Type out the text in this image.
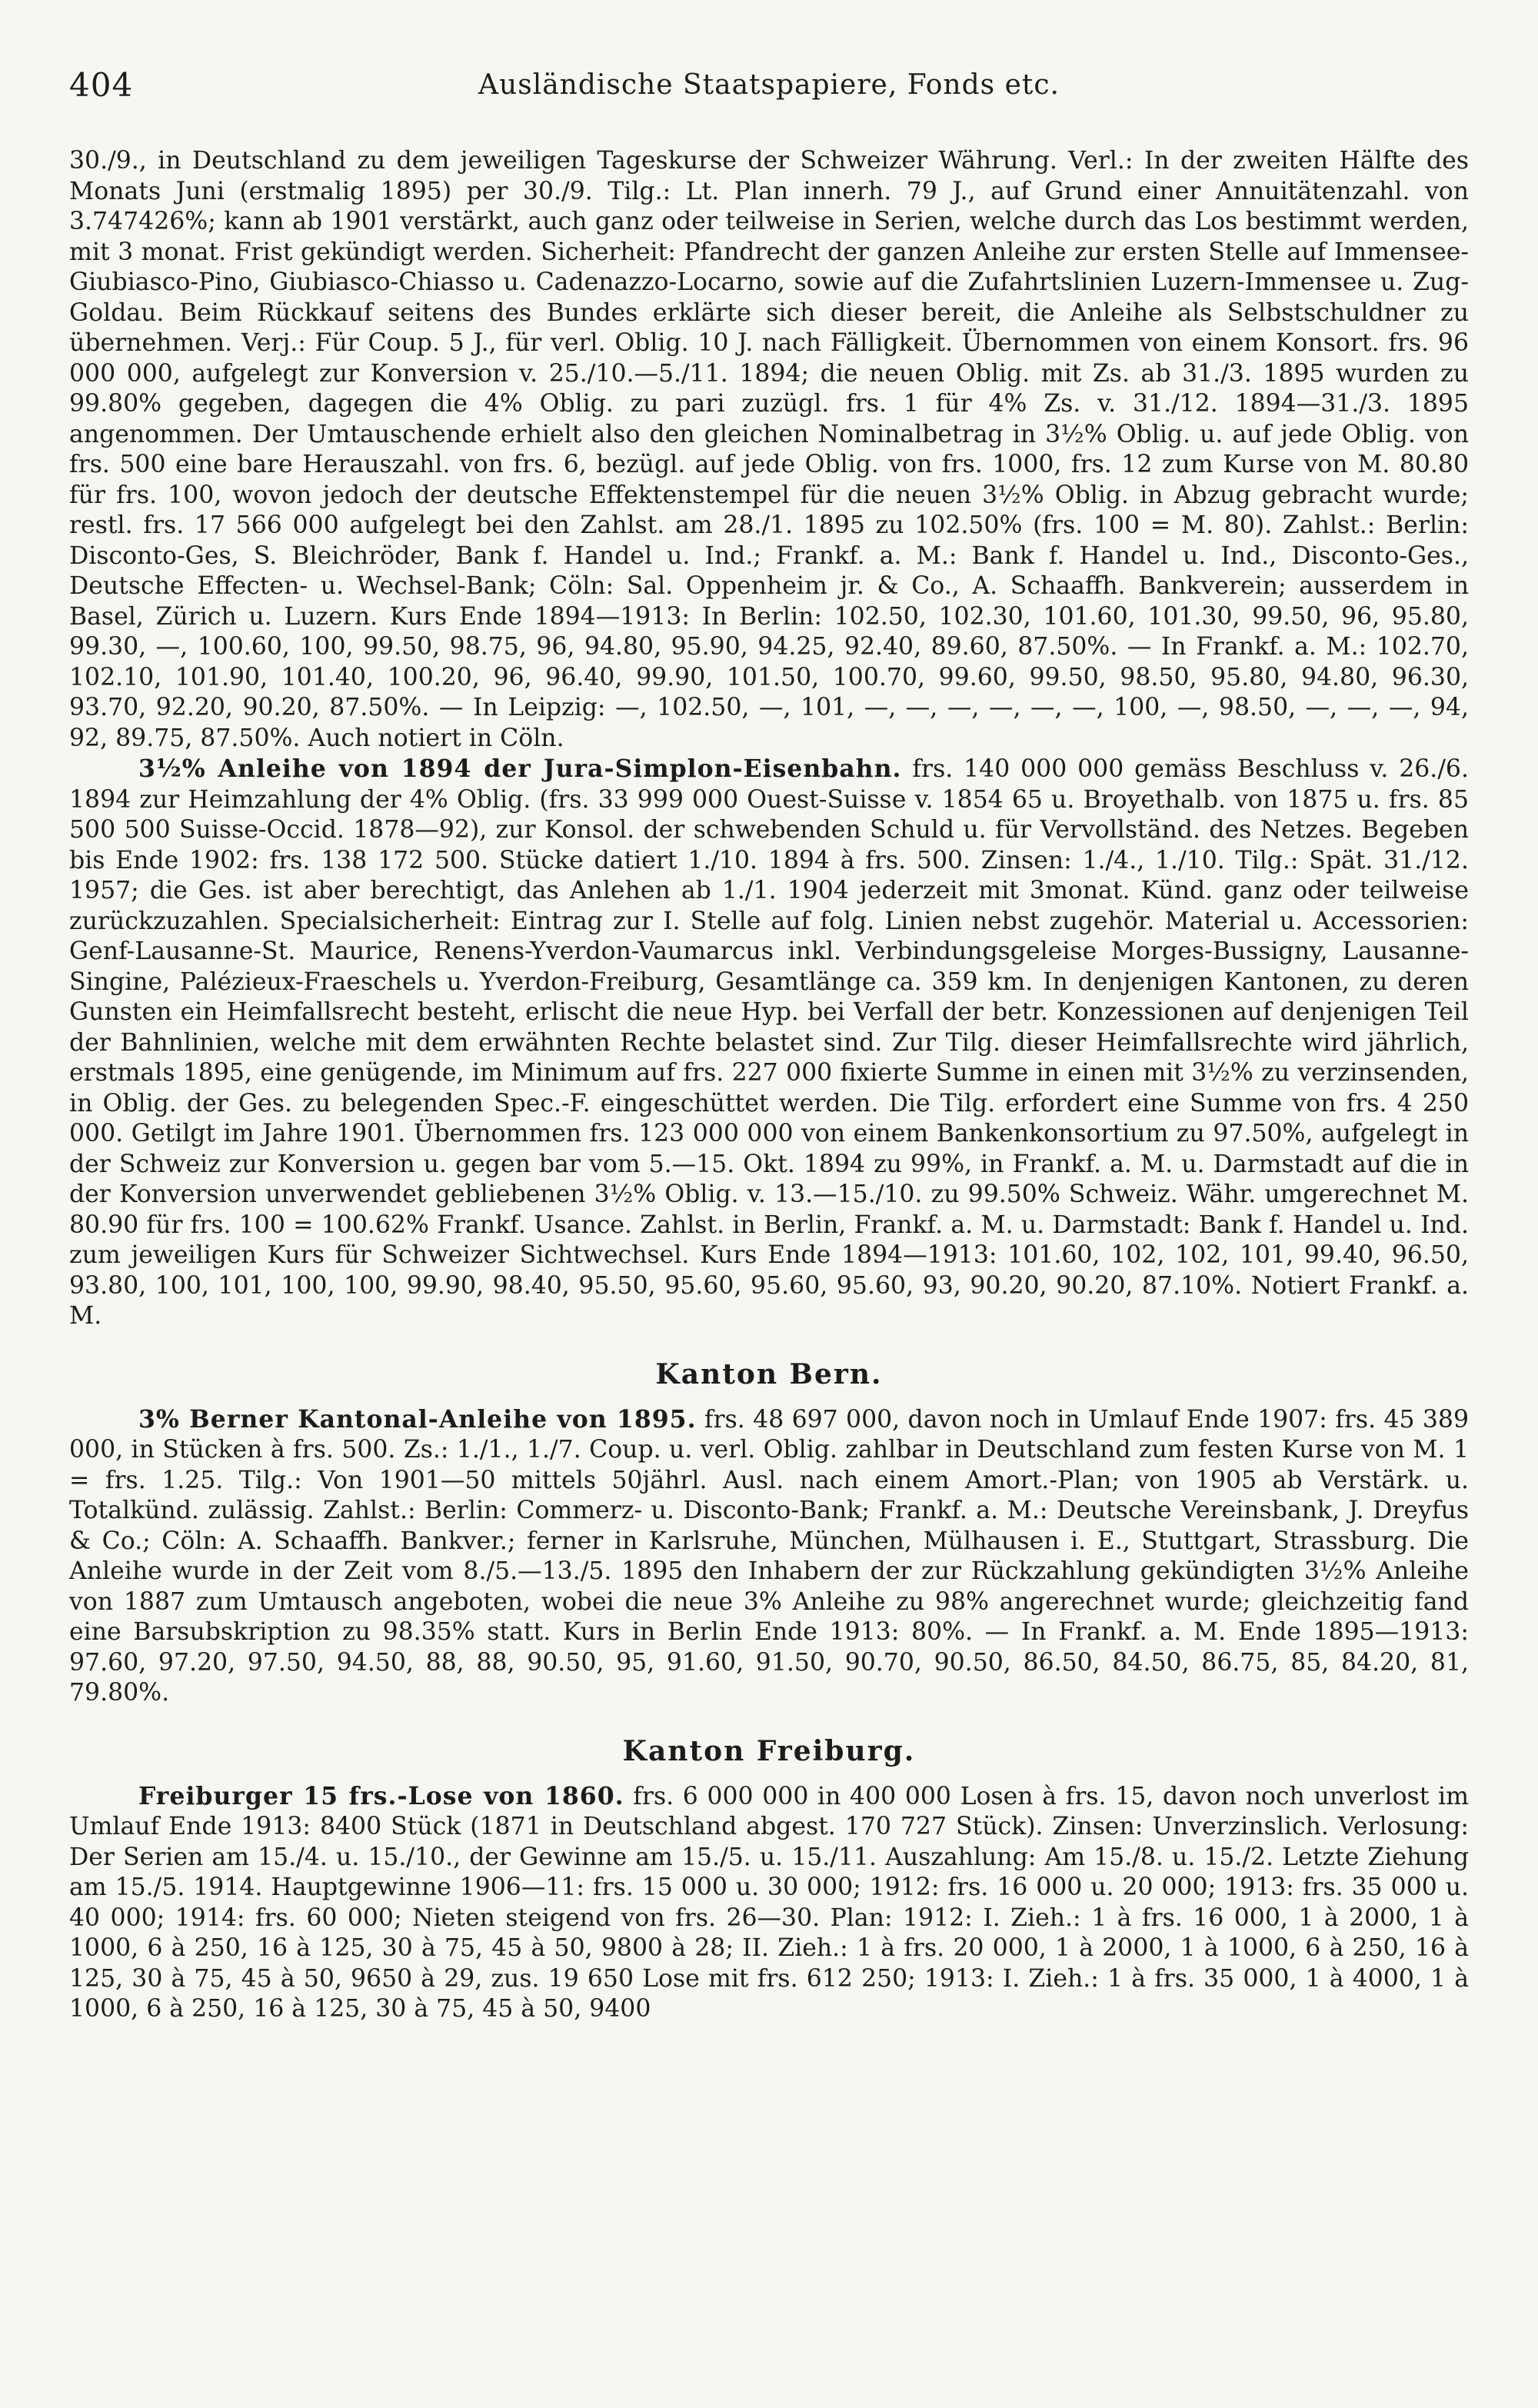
404	Ausländische Staatspapiere, Fonds etc.

30./9., in Deutschland zu dem jeweiligen Tageskurse der Schweizer Währung. Verl.: In der zweiten Hälfte des Monats Juni (erstmalig 1895) per 30./9. Tilg.: Lt. Plan innerh. 79 J., auf Grund einer Annuitätenzahl. von 3.747426%; kann ab 1901 verstärkt, auch ganz oder teilweise in Serien, welche durch das Los bestimmt werden, mit 3 monat. Frist gekündigt werden. Sicherheit: Pfandrecht der ganzen Anleihe zur ersten Stelle auf Immensee-Giubiasco-Pino, Giubiasco-Chiasso u. Cadenazzo-Locarno, sowie auf die Zufahrtslinien Luzern-Immensee u. Zug-Goldau. Beim Rückkauf seitens des Bundes erklärte sich dieser bereit, die Anleihe als Selbstschuldner zu übernehmen. Verj.: Für Coup. 5 J., für verl. Oblig. 10 J. nach Fälligkeit. Übernommen von einem Konsort. frs. 96 000 000, aufgelegt zur Konversion v. 25./10.—5./11. 1894; die neuen Oblig. mit Zs. ab 31./3. 1895 wurden zu 99.80% gegeben, dagegen die 4% Oblig. zu pari zuzügl. frs. 1 für 4% Zs. v. 31./12. 1894—31./3. 1895 angenommen. Der Umtauschende erhielt also den gleichen Nominalbetrag in 3½% Oblig. u. auf jede Oblig. von frs. 500 eine bare Herauszahl. von frs. 6, bezügl. auf jede Oblig. von frs. 1000, frs. 12 zum Kurse von M. 80.80 für frs. 100, wovon jedoch der deutsche Effektenstempel für die neuen 3½% Oblig. in Abzug gebracht wurde; restl. frs. 17 566 000 aufgelegt bei den Zahlst. am 28./1. 1895 zu 102.50% (frs. 100 = M. 80). Zahlst.: Berlin: Disconto-Ges, S. Bleichröder, Bank f. Handel u. Ind.; Frankf. a. M.: Bank f. Handel u. Ind., Disconto-Ges., Deutsche Effecten- u. Wechsel-Bank; Cöln: Sal. Oppenheim jr. & Co., A. Schaaffh. Bankverein; ausserdem in Basel, Zürich u. Luzern. Kurs Ende 1894—1913: In Berlin: 102.50, 102.30, 101.60, 101.30, 99.50, 96, 95.80, 99.30, —, 100.60, 100, 99.50, 98.75, 96, 94.80, 95.90, 94.25, 92.40, 89.60, 87.50%. — In Frankf. a. M.: 102.70, 102.10, 101.90, 101.40, 100.20, 96, 96.40, 99.90, 101.50, 100.70, 99.60, 99.50, 98.50, 95.80, 94.80, 96.30, 93.70, 92.20, 90.20, 87.50%. — In Leipzig: —, 102.50, —, 101, —, —, —, —, —, —, 100, —, 98.50, —, —, —, 94, 92, 89.75, 87.50%. Auch notiert in Cöln.

3½% Anleihe von 1894 der Jura-Simplon-Eisenbahn. frs. 140 000 000 gemäss Beschluss v. 26./6. 1894 zur Heimzahlung der 4% Oblig. (frs. 33 999 000 Ouest-Suisse v. 1854 65 u. Broyethalb. von 1875 u. frs. 85 500 500 Suisse-Occid. 1878—92), zur Konsol. der schwebenden Schuld u. für Vervollständ. des Netzes. Begeben bis Ende 1902: frs. 138 172 500. Stücke datiert 1./10. 1894 à frs. 500. Zinsen: 1./4., 1./10. Tilg.: Spät. 31./12. 1957; die Ges. ist aber berechtigt, das Anlehen ab 1./1. 1904 jederzeit mit 3monat. Künd. ganz oder teilweise zurückzuzahlen. Specialsicherheit: Eintrag zur I. Stelle auf folg. Linien nebst zugehör. Material u. Accessorien: Genf-Lausanne-St. Maurice, Renens-Yverdon-Vaumarcus inkl. Verbindungsgeleise Morges-Bussigny, Lausanne-Singine, Palézieux-Fraeschels u. Yverdon-Freiburg, Gesamtlänge ca. 359 km. In denjenigen Kantonen, zu deren Gunsten ein Heimfallsrecht besteht, erlischt die neue Hyp. bei Verfall der betr. Konzessionen auf denjenigen Teil der Bahnlinien, welche mit dem erwähnten Rechte belastet sind. Zur Tilg. dieser Heimfallsrechte wird jährlich, erstmals 1895, eine genügende, im Minimum auf frs. 227 000 fixierte Summe in einen mit 3½% zu verzinsenden, in Oblig. der Ges. zu belegenden Spec.-F. eingeschüttet werden. Die Tilg. erfordert eine Summe von frs. 4 250 000. Getilgt im Jahre 1901. Übernommen frs. 123 000 000 von einem Bankenkonsortium zu 97.50%, aufgelegt in der Schweiz zur Konversion u. gegen bar vom 5.—15. Okt. 1894 zu 99%, in Frankf. a. M. u. Darmstadt auf die in der Konversion unverwendet gebliebenen 3½% Oblig. v. 13.—15./10. zu 99.50% Schweiz. Währ. umgerechnet M. 80.90 für frs. 100 = 100.62% Frankf. Usance. Zahlst. in Berlin, Frankf. a. M. u. Darmstadt: Bank f. Handel u. Ind. zum jeweiligen Kurs für Schweizer Sichtwechsel. Kurs Ende 1894—1913: 101.60, 102, 102, 101, 99.40, 96.50, 93.80, 100, 101, 100, 100, 99.90, 98.40, 95.50, 95.60, 95.60, 95.60, 93, 90.20, 90.20, 87.10%. Notiert Frankf. a. M.

Kanton Bern.

3% Berner Kantonal-Anleihe von 1895. frs. 48 697 000, davon noch in Umlauf Ende 1907: frs. 45 389 000, in Stücken à frs. 500. Zs.: 1./1., 1./7. Coup. u. verl. Oblig. zahlbar in Deutschland zum festen Kurse von M. 1 = frs. 1.25. Tilg.: Von 1901—50 mittels 50jährl. Ausl. nach einem Amort.-Plan; von 1905 ab Verstärk. u. Totalkünd. zulässig. Zahlst.: Berlin: Commerz- u. Disconto-Bank; Frankf. a. M.: Deutsche Vereinsbank, J. Dreyfus & Co.; Cöln: A. Schaaffh. Bankver.; ferner in Karlsruhe, München, Mülhausen i. E., Stuttgart, Strassburg. Die Anleihe wurde in der Zeit vom 8./5.—13./5. 1895 den Inhabern der zur Rückzahlung gekündigten 3½% Anleihe von 1887 zum Umtausch angeboten, wobei die neue 3% Anleihe zu 98% angerechnet wurde; gleichzeitig fand eine Barsubskription zu 98.35% statt. Kurs in Berlin Ende 1913: 80%. — In Frankf. a. M. Ende 1895—1913: 97.60, 97.20, 97.50, 94.50, 88, 88, 90.50, 95, 91.60, 91.50, 90.70, 90.50, 86.50, 84.50, 86.75, 85, 84.20, 81, 79.80%.

Kanton Freiburg.

Freiburger 15 frs.-Lose von 1860. frs. 6 000 000 in 400 000 Losen à frs. 15, davon noch unverlost im Umlauf Ende 1913: 8400 Stück (1871 in Deutschland abgest. 170 727 Stück). Zinsen: Unverzinslich. Verlosung: Der Serien am 15./4. u. 15./10., der Gewinne am 15./5. u. 15./11. Auszahlung: Am 15./8. u. 15./2. Letzte Ziehung am 15./5. 1914. Hauptgewinne 1906—11: frs. 15 000 u. 30 000; 1912: frs. 16 000 u. 20 000; 1913: frs. 35 000 u. 40 000; 1914: frs. 60 000; Nieten steigend von frs. 26—30. Plan: 1912: I. Zieh.: 1 à frs. 16 000, 1 à 2000, 1 à 1000, 6 à 250, 16 à 125, 30 à 75, 45 à 50, 9800 à 28; II. Zieh.: 1 à frs. 20 000, 1 à 2000, 1 à 1000, 6 à 250, 16 à 125, 30 à 75, 45 à 50, 9650 à 29, zus. 19 650 Lose mit frs. 612 250; 1913: I. Zieh.: 1 à frs. 35 000, 1 à 4000, 1 à 1000, 6 à 250, 16 à 125, 30 à 75, 45 à 50, 9400
